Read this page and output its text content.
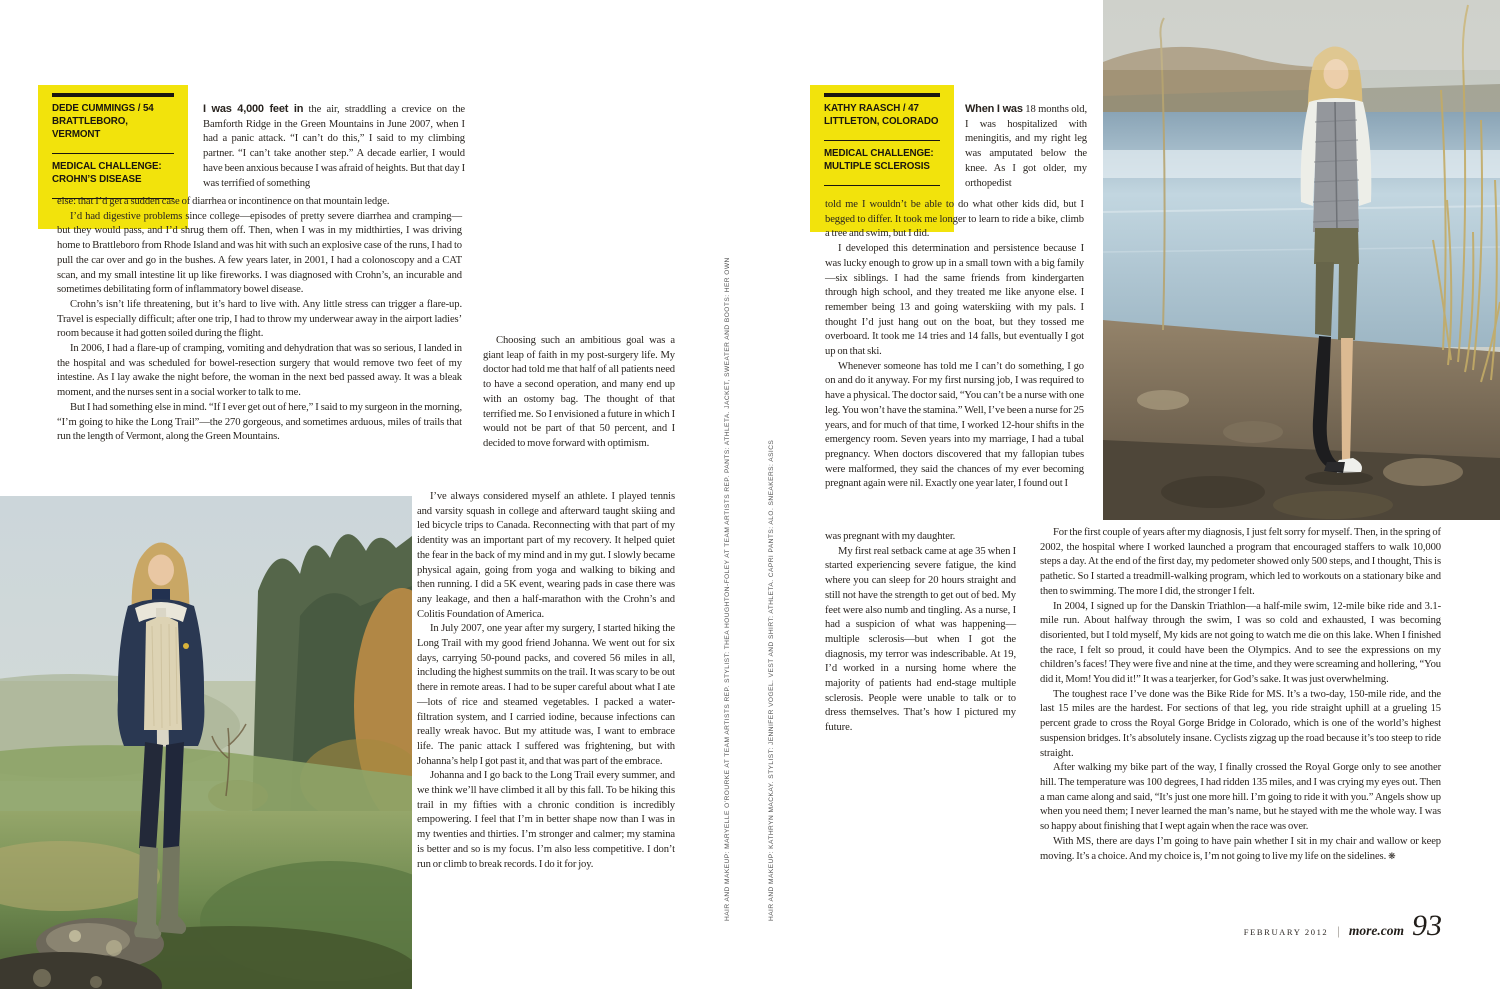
DEDE CUMMINGS / 54
BRATTLEBORO, VERMONT
MEDICAL CHALLENGE:
CROHN’S DISEASE

I was 4,000 feet in the air, straddling a crevice on the Bamforth Ridge in the Green Mountains in June 2007, when I had a panic attack. “I can’t do this,” I said to my climbing partner. “I can’t take another step.” A decade earlier, I would have been anxious because I was afraid of heights. But that day I was terrified of something

else: that I’d get a sudden case of diarrhea or incontinence on that mountain ledge.

I’d had digestive problems since college—episodes of pretty severe diarrhea and cramping—but they would pass, and I’d shrug them off. Then, when I was in my midthirties, I was driving home to Brattleboro from Rhode Island and was hit with such an explosive case of the runs, I had to pull the car over and go in the bushes. A few years later, in 2001, I had a colonoscopy and a CAT scan, and my small intestine lit up like fireworks. I was diagnosed with Crohn’s, an incurable and sometimes debilitating form of inflammatory bowel disease.

Crohn’s isn’t life threatening, but it’s hard to live with. Any little stress can trigger a flare-up. Travel is especially difficult; after one trip, I had to throw my underwear away in the airport ladies’ room because it had gotten soiled during the flight.

In 2006, I had a flare-up of cramping, vomiting and dehydration that was so serious, I landed in the hospital and was scheduled for bowel-resection surgery that would remove two feet of my intestine. As I lay awake the night before, the woman in the next bed passed away. It was a bleak moment, and the nurses sent in a social worker to talk to me.

But I had something else in mind. “If I ever get out of here,” I said to my surgeon in the morning, “I’m going to hike the Long Trail”—the 270 gorgeous, and sometimes arduous, miles of trails that run the length of Vermont, along the Green Mountains.

Choosing such an ambitious goal was a giant leap of faith in my post-surgery life. My doctor had told me that half of all patients need to have a second operation, and many end up with an ostomy bag. The thought of that terrified me. So I envisioned a future in which I would not be part of that 50 percent, and I decided to move forward with optimism.

I’ve always considered myself an athlete. I played tennis and varsity squash in college and afterward taught skiing and led bicycle trips to Canada. Reconnecting with that part of my identity was an important part of my recovery. It helped quiet the fear in the back of my mind and in my gut. I slowly became physical again, going from yoga and walking to biking and then running. I did a 5K event, wearing pads in case there was any leakage, and then a half-marathon with the Crohn’s and Colitis Foundation of America.

In July 2007, one year after my surgery, I started hiking the Long Trail with my good friend Johanna. We went out for six days, carrying 50-pound packs, and covered 56 miles in all, including the highest summits on the trail. It was scary to be out there in remote areas. I had to be super careful about what I ate—lots of rice and steamed vegetables. I packed a water-filtration system, and I carried iodine, because infections can really wreak havoc. But my attitude was, I want to embrace life. The panic attack I suffered was frightening, but with Johanna’s help I got past it, and that was part of the embrace.

Johanna and I go back to the Long Trail every summer, and we think we’ll have climbed it all by this fall. To be hiking this trail in my fifties with a chronic condition is incredibly empowering. I feel that I’m in better shape now than I was in my twenties and thirties. I’m stronger and calmer; my stamina is better and so is my focus. I’m also less competitive. I don’t run or climb to break records. I do it for joy.	HAIR AND MAKEUP: MARYELLE O’ROURKE AT TEAM ARTISTS REP. STYLIST: THEA HOUGHTON-FOLEY AT TEAM ARTISTS REP. PANTS: ATHLETA. JACKET, SWEATER AND BOOTS: HER OWN	HAIR AND MAKEUP: KATHRYN MACKAY. STYLIST: JENNIFER VOGEL. VEST AND SHIRT: ATHLETA. CAPRI PANTS: ALO. SNEAKERS: ASICS
KATHY RAASCH / 47
LITTLETON, COLORADO
MEDICAL CHALLENGE:
MULTIPLE SCLEROSIS

When I was 18 months old, I was hospitalized with meningitis, and my right leg was amputated below the knee. As I got older, my orthopedist

told me I wouldn’t be able to do what other kids did, but I begged to differ. It took me longer to learn to ride a bike, climb a tree and swim, but I did.

I developed this determination and persistence because I was lucky enough to grow up in a small town with a big family—six siblings. I had the same friends from kindergarten through high school, and they treated me like anyone else. I remember being 13 and going waterskiing with my pals. I thought I’d just hang out on the boat, but they tossed me overboard. It took me 14 tries and 14 falls, but eventually I got up on that ski.

Whenever someone has told me I can’t do something, I go on and do it anyway. For my first nursing job, I was required to have a physical. The doctor said, “You can’t be a nurse with one leg. You won’t have the stamina.” Well, I’ve been a nurse for 25 years, and for much of that time, I worked 12-hour shifts in the emergency room. Seven years into my marriage, I had a tubal pregnancy. When doctors discovered that my fallopian tubes were malformed, they said the chances of my ever becoming pregnant again were nil. Exactly one year later, I found out I

was pregnant with my daughter.

My first real setback came at age 35 when I started experiencing severe fatigue, the kind where you can sleep for 20 hours straight and still not have the strength to get out of bed. My feet were also numb and tingling. As a nurse, I had a suspicion of what was happening—multiple sclerosis—but when I got the diagnosis, my terror was indescribable. At 19, I’d worked in a nursing home where the majority of patients had end-stage multiple sclerosis. People were unable to talk or to dress themselves. That’s how I pictured my future.

For the first couple of years after my diagnosis, I just felt sorry for myself. Then, in the spring of 2002, the hospital where I worked launched a program that encouraged staffers to walk 10,000 steps a day. At the end of the first day, my pedometer showed only 500 steps, and I thought, This is pathetic. So I started a treadmill-walking program, which led to workouts on a stationary bike and then to swimming. The more I did, the stronger I felt.

In 2004, I signed up for the Danskin Triathlon—a half-mile swim, 12-mile bike ride and 3.1-mile run. About halfway through the swim, I was so cold and exhausted, I was becoming disoriented, but I told myself, My kids are not going to watch me die on this lake. When I finished the race, I felt so proud, it could have been the Olympics. And to see the expressions on my children’s faces! They were five and nine at the time, and they were screaming and hollering, “You did it, Mom! You did it!” It was a tearjerker, for God’s sake. It was just overwhelming.

The toughest race I’ve done was the Bike Ride for MS. It’s a two-day, 150-mile ride, and the last 15 miles are the hardest. For sections of that leg, you ride straight uphill at a grueling 15 percent grade to cross the Royal Gorge Bridge in Colorado, which is one of the world’s highest suspension bridges. It’s absolutely insane. Cyclists zigzag up the road because it’s too steep to ride straight.

After walking my bike part of the way, I finally crossed the Royal Gorge only to see another hill. The temperature was 100 degrees, I had ridden 135 miles, and I was crying my eyes out. Then a man came along and said, “It’s just one more hill. I’m going to ride it with you.” Angels show up when you need them; I never learned the man’s name, but he stayed with me the whole way. I was so happy about finishing that I wept again when the race was over.

With MS, there are days I’m going to have pain whether I sit in my chair and wallow or keep moving. It’s a choice. And my choice is, I’m not going to live my life on the sidelines. ❋

FEBRUARY 2012 | more.com 93
